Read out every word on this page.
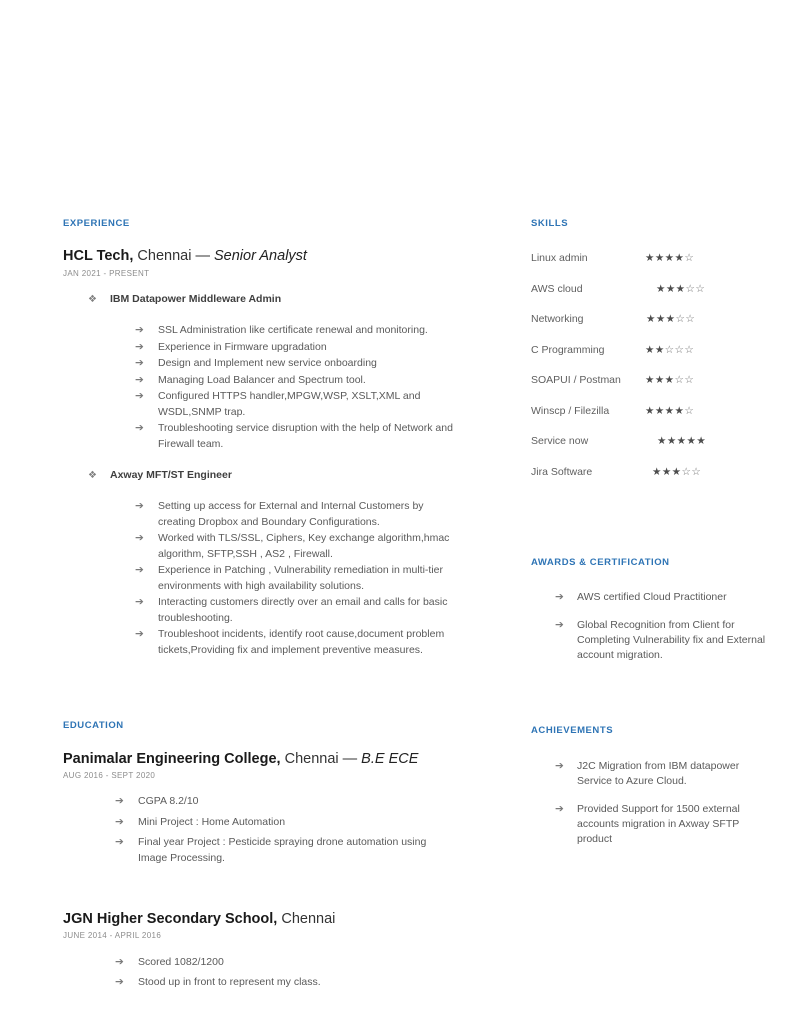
EXPERIENCE
HCL Tech, Chennai — Senior Analyst
JAN 2021 - PRESENT
❖	IBM Datapower Middleware Admin
➔	SSL Administration like certificate renewal and monitoring.
➔	Experience in Firmware upgradation
➔	Design and Implement new service onboarding
➔	Managing Load Balancer and Spectrum tool.
➔	Configured HTTPS handler,MPGW,WSP, XSLT,XML and WSDL,SNMP trap.
➔	Troubleshooting service disruption with the help of Network and Firewall team.
❖	Axway MFT/ST Engineer
➔	Setting up access for External and Internal Customers by creating Dropbox and Boundary Configurations.
➔	Worked with TLS/SSL, Ciphers, Key exchange algorithm,hmac algorithm, SFTP,SSH , AS2 , Firewall.
➔	Experience in Patching , Vulnerability remediation in multi-tier environments with high availability solutions.
➔	Interacting customers directly over an email and calls for basic troubleshooting.
➔	Troubleshoot incidents, identify root cause,document problem tickets,Providing fix and implement preventive measures.
EDUCATION
Panimalar Engineering College, Chennai — B.E ECE
AUG 2016 - SEPT 2020
➔	CGPA 8.2/10
➔	Mini Project : Home Automation
➔	Final year Project : Pesticide spraying drone automation using Image Processing.
JGN Higher Secondary School, Chennai
JUNE 2014 - APRIL 2016
➔	Scored 1082/1200
➔	Stood up in front to represent my class.
SKILLS
Linux admin	★★★★☆
AWS cloud	★★★☆☆
Networking	★★★☆☆
C Programming	★★☆☆☆
SOAPUI / Postman	★★★☆☆
Winscp / Filezilla	★★★★☆
Service now	★★★★★
Jira Software	★★★☆☆
AWARDS & CERTIFICATION
➔	AWS certified Cloud Practitioner
➔	Global Recognition from Client for Completing Vulnerability fix and External account migration.
ACHIEVEMENTS
➔	J2C Migration from IBM datapower Service to Azure Cloud.
➔	Provided Support for 1500 external accounts migration in Axway SFTP product
